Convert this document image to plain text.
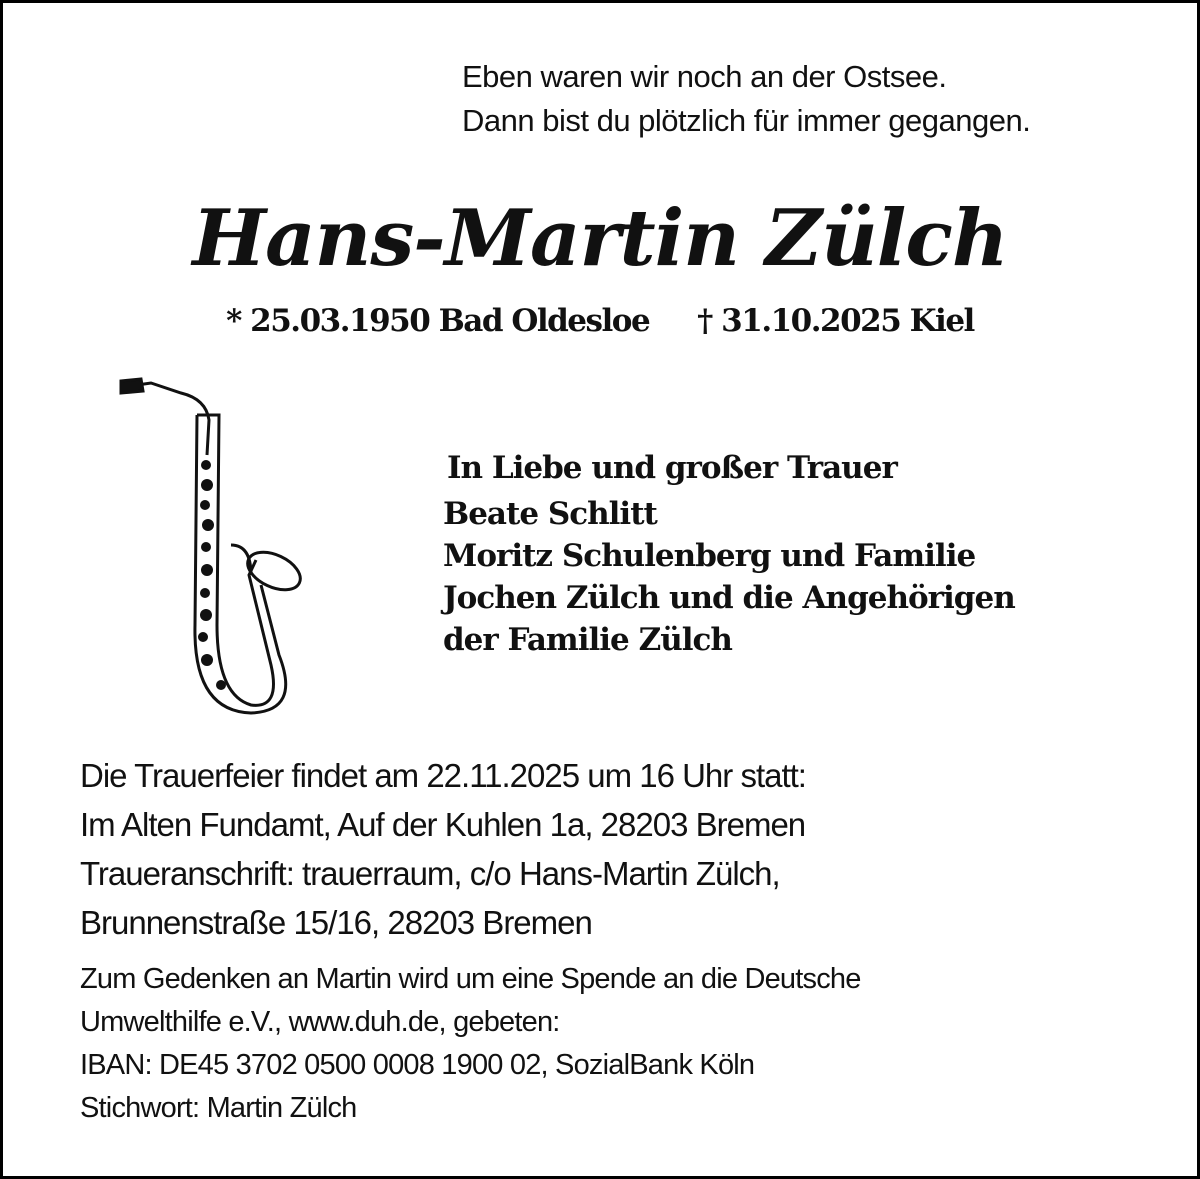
Eben waren wir noch an der Ostsee.
Dann bist du plötzlich für immer gegangen.
Hans-Martin Zülch
* 25.03.1950 Bad Oldesloe † 31.10.2025 Kiel
In Liebe und großer Trauer
Beate Schlitt
Moritz Schulenberg und Familie
Jochen Zülch und die Angehörigen
der Familie Zülch
Die Trauerfeier findet am 22.11.2025 um 16 Uhr statt:
Im Alten Fundamt, Auf der Kuhlen 1a, 28203 Bremen
Traueranschrift: trauerraum, c/o Hans-Martin Zülch,
Brunnenstraße 15/16, 28203 Bremen
Zum Gedenken an Martin wird um eine Spende an die Deutsche
Umwelthilfe e.V., www.duh.de, gebeten:
IBAN: DE45 3702 0500 0008 1900 02, SozialBank Köln
Stichwort: Martin Zülch
